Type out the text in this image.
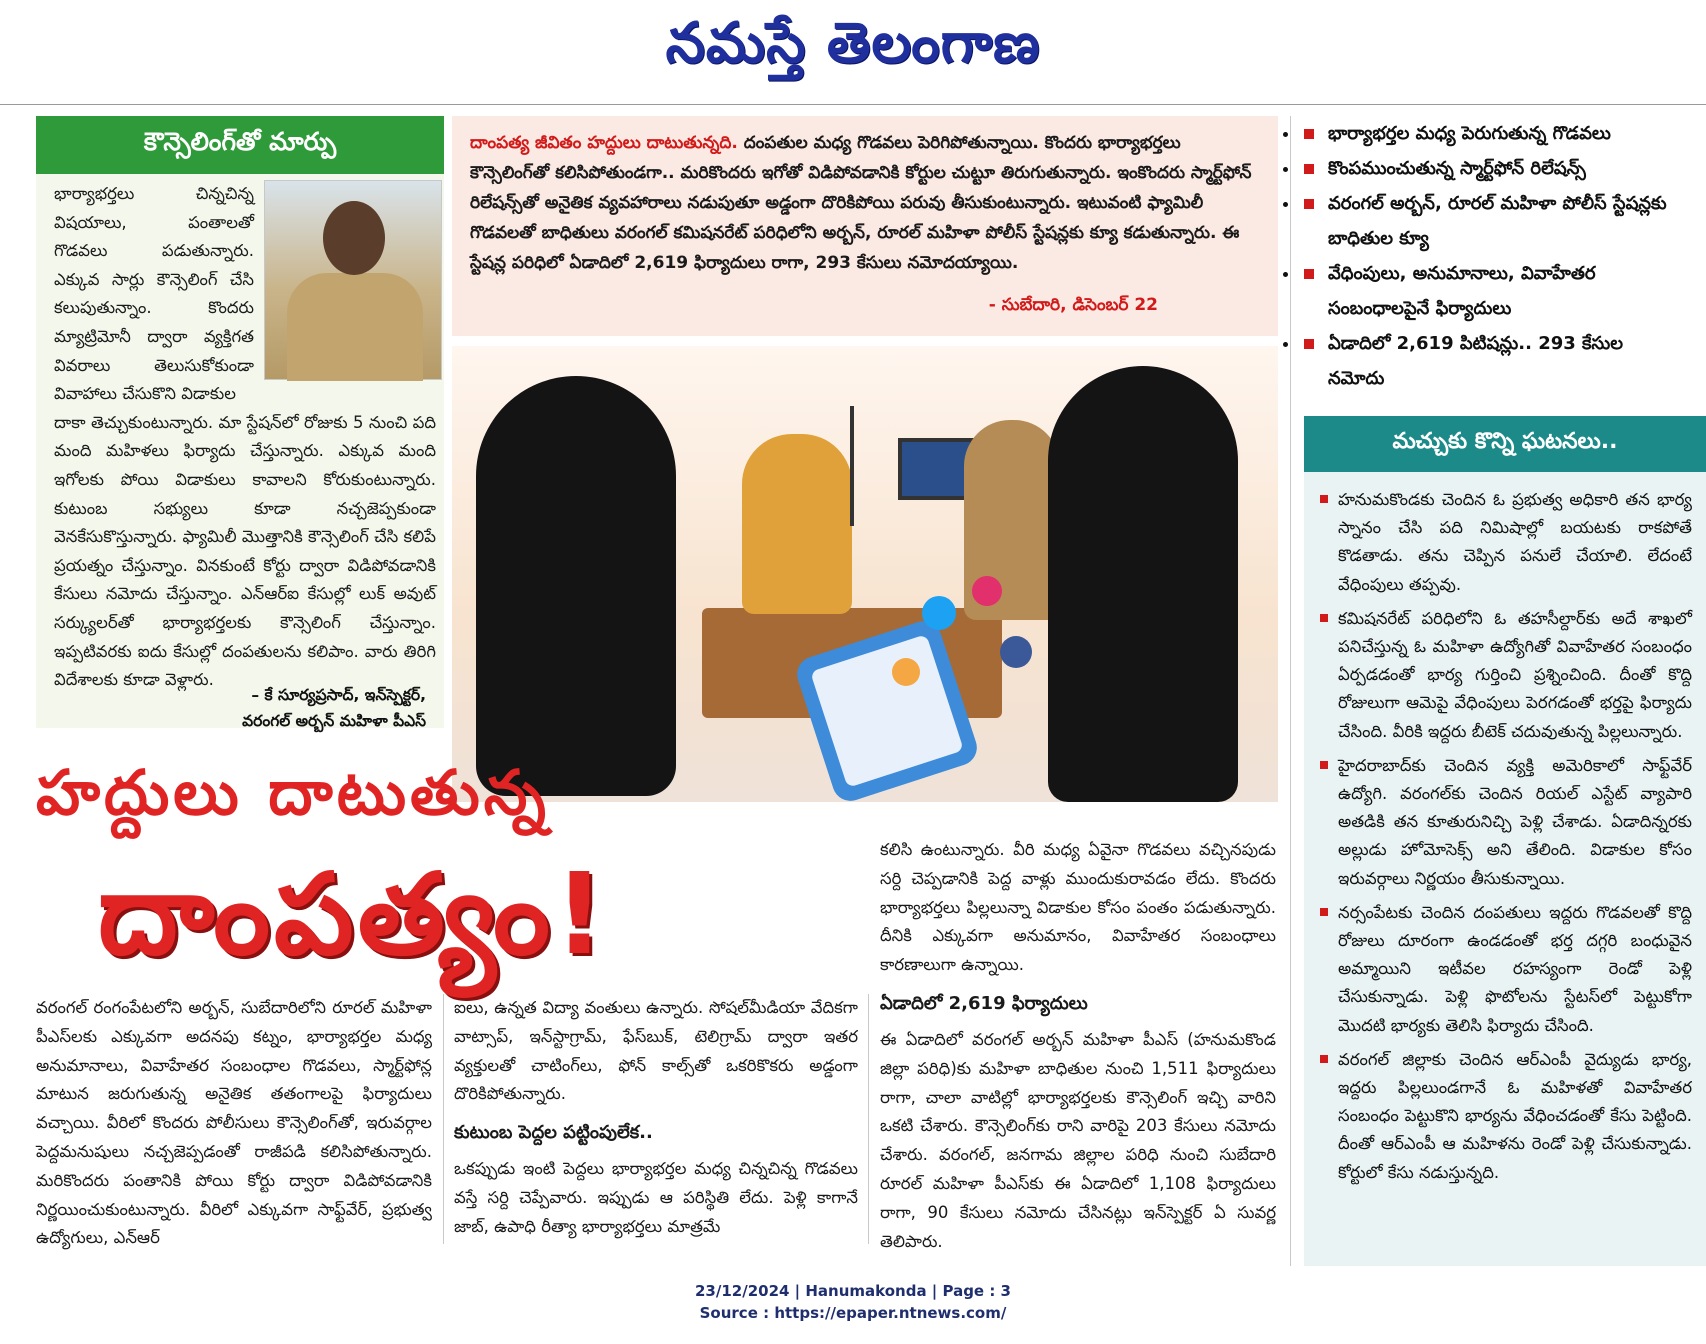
నమస్తే తెలంగాణ
కౌన్సెలింగ్‌తో మార్పు
భార్యాభర్తలు చిన్నచిన్న విషయాలు, పంతాలతో గొడవలు పడుతున్నారు. ఎక్కువ సార్లు కౌన్సెలింగ్ చేసి కలుపుతున్నాం. కొందరు మ్యాట్రిమోనీ ద్వారా వ్యక్తిగత వివరాలు తెలుసుకోకుండా వివాహాలు చేసుకొని విడాకుల
దాకా తెచ్చుకుంటున్నారు. మా స్టేషన్‌లో రోజుకు 5 నుంచి పది మంది మహిళలు ఫిర్యాదు చేస్తున్నారు. ఎక్కువ మంది ఇగోలకు పోయి విడాకులు కావాలని కోరుకుంటున్నారు. కుటుంబ సభ్యులు కూడా నచ్చజెప్పకుండా వెనకేసుకొస్తున్నారు. ఫ్యామిలీ మొత్తానికి కౌన్సెలింగ్ చేసి కలిపే ప్రయత్నం చేస్తున్నాం. వినకుంటే కోర్టు ద్వారా విడిపోవడానికి కేసులు నమోదు చేస్తున్నాం. ఎన్ఆర్ఐ కేసుల్లో లుక్ అవుట్ సర్క్యులర్‌తో భార్యాభర్తలకు కౌన్సెలింగ్ చేస్తున్నాం. ఇప్పటివరకు ఐదు కేసుల్లో దంపతులను కలిపాం. వారు తిరిగి విదేశాలకు కూడా వెళ్లారు.
– కే సూర్యప్రసాద్, ఇన్‌స్పెక్టర్,
వరంగల్ అర్బన్ మహిళా పీఎస్
దాంపత్య జీవితం హద్దులు దాటుతున్నది. దంపతుల మధ్య గొడవలు పెరిగిపోతున్నాయి. కొందరు భార్యాభర్తలు కౌన్సెలింగ్‌తో కలిసిపోతుండగా.. మరికొందరు ఇగోతో విడిపోవడానికి కోర్టుల చుట్టూ తిరుగుతున్నారు. ఇంకొందరు స్మార్ట్‌ఫోన్ రిలేషన్స్‌తో అనైతిక వ్యవహారాలు నడుపుతూ అడ్డంగా దొరికిపోయి పరువు తీసుకుంటున్నారు. ఇటువంటి ఫ్యామిలీ గొడవలతో బాధితులు వరంగల్ కమిషనరేట్ పరిధిలోని అర్బన్, రూరల్ మహిళా పోలీస్ స్టేషన్లకు క్యూ కడుతున్నారు. ఈ స్టేషన్ల పరిధిలో ఏడాదిలో 2,619 ఫిర్యాదులు రాగా, 293 కేసులు నమోదయ్యాయి.
- సుబేదారి, డిసెంబర్ 22
హద్దులు దాటుతున్న
దాంపత్యం!
వరంగల్ రంగంపేటలోని అర్బన్, సుబేదారిలోని రూరల్ మహిళా పీఎస్‌లకు ఎక్కువగా అదనపు కట్నం, భార్యాభర్తల మధ్య అనుమానాలు, వివాహేతర సంబంధాల గొడవలు, స్మార్ట్‌ఫోన్ల మాటున జరుగుతున్న అనైతిక తతంగాలపై ఫిర్యాదులు వచ్చాయి. వీరిలో కొందరు పోలీసులు కౌన్సెలింగ్‌తో, ఇరువర్గాల పెద్దమనుషులు నచ్చజెప్పడంతో రాజీపడి కలిసిపోతున్నారు. మరికొందరు పంతానికి పోయి కోర్టు ద్వారా విడిపోవడానికి నిర్ణయించుకుంటున్నారు. వీరిలో ఎక్కువగా సాఫ్ట్‌వేర్, ప్రభుత్వ ఉద్యోగులు, ఎన్ఆర్

ఐలు, ఉన్నత విద్యా వంతులు ఉన్నారు. సోషల్‌మీడియా వేదికగా వాట్సాప్, ఇన్‌స్టాగ్రామ్, ఫేస్‌బుక్, టెలిగ్రామ్ ద్వారా ఇతర వ్యక్తులతో చాటింగ్‌లు, ఫోన్ కాల్స్‌తో ఒకరికొకరు అడ్డంగా దొరికిపోతున్నారు.

కుటుంబ పెద్దల పట్టింపులేక..

ఒకప్పుడు ఇంటి పెద్దలు భార్యాభర్తల మధ్య చిన్నచిన్న గొడవలు వస్తే సర్ది చెప్పేవారు. ఇప్పుడు ఆ పరిస్థితి లేదు. పెళ్లి కాగానే జాబ్, ఉపాధి రీత్యా భార్యాభర్తలు మాత్రమే

కలిసి ఉంటున్నారు. వీరి మధ్య ఏవైనా గొడవలు వచ్చినపుడు సర్ది చెప్పడానికి పెద్ద వాళ్లు ముందుకురావడం లేదు. కొందరు భార్యాభర్తలు పిల్లలున్నా విడాకుల కోసం పంతం పడుతున్నారు. దీనికి ఎక్కువగా అనుమానం, వివాహేతర సంబంధాలు కారణాలుగా ఉన్నాయి.

ఏడాదిలో 2,619 ఫిర్యాదులు

ఈ ఏడాదిలో వరంగల్ అర్బన్ మహిళా పీఎస్ (హనుమకొండ జిల్లా పరిధి)కు మహిళా బాధితుల నుంచి 1,511 ఫిర్యాదులు రాగా, చాలా వాటిల్లో భార్యాభర్తలకు కౌన్సెలింగ్ ఇచ్చి వారిని ఒకటి చేశారు. కౌన్సెలింగ్‌కు రాని వారిపై 203 కేసులు నమోదు చేశారు. వరంగల్, జనగామ జిల్లాల పరిధి నుంచి సుబేదారి రూరల్ మహిళా పీఎస్‌కు ఈ ఏడాదిలో 1,108 ఫిర్యాదులు రాగా, 90 కేసులు నమోదు చేసినట్లు ఇన్‌స్పెక్టర్ ఏ సువర్ణ తెలిపారు.

• భార్యాభర్తల మధ్య పెరుగుతున్న గొడవలు
• కొంపముంచుతున్న స్మార్ట్‌ఫోన్ రిలేషన్స్
• వరంగల్ అర్బన్, రూరల్ మహిళా పోలీస్ స్టేషన్లకు బాధితుల క్యూ
• వేధింపులు, అనుమానాలు, వివాహేతర సంబంధాలపైనే ఫిర్యాదులు
• ఏడాదిలో 2,619 పిటిషన్లు.. 293 కేసుల నమోదు
మచ్చుకు కొన్ని ఘటనలు..
హనుమకొండకు చెందిన ఓ ప్రభుత్వ అధికారి తన భార్య స్నానం చేసి పది నిమిషాల్లో బయటకు రాకపోతే కొడతాడు. తను చెప్పిన పనులే చేయాలి. లేదంటే వేధింపులు తప్పవు.
కమిషనరేట్ పరిధిలోని ఓ తహసీల్దార్‌కు అదే శాఖలో పనిచేస్తున్న ఓ మహిళా ఉద్యోగితో వివాహేతర సంబంధం ఏర్పడడంతో భార్య గుర్తించి ప్రశ్నించింది. దీంతో కొద్ది రోజులుగా ఆమెపై వేధింపులు పెరగడంతో భర్తపై ఫిర్యాదు చేసింది. వీరికి ఇద్దరు బీటెక్ చదువుతున్న పిల్లలున్నారు.
హైదరాబాద్‌కు చెందిన వ్యక్తి అమెరికాలో సాఫ్ట్‌వేర్ ఉద్యోగి. వరంగల్‌కు చెందిన రియల్ ఎస్టేట్ వ్యాపారి అతడికి తన కూతురునిచ్చి పెళ్లి చేశాడు. ఏడాదిన్నరకు అల్లుడు హోమోసెక్స్ అని తేలింది. విడాకుల కోసం ఇరువర్గాలు నిర్ణయం తీసుకున్నాయి.
నర్సంపేటకు చెందిన దంపతులు ఇద్దరు గొడవలతో కొద్ది రోజులు దూరంగా ఉండడంతో భర్త దగ్గరి బంధువైన అమ్మాయిని ఇటీవల రహస్యంగా రెండో పెళ్లి చేసుకున్నాడు. పెళ్లి ఫొటోలను స్టేటస్‌లో పెట్టుకోగా మొదటి భార్యకు తెలిసి ఫిర్యాదు చేసింది.
వరంగల్ జిల్లాకు చెందిన ఆర్ఎంపీ వైద్యుడు భార్య, ఇద్దరు పిల్లలుండగానే ఓ మహిళతో వివాహేతర సంబంధం పెట్టుకొని భార్యను వేధించడంతో కేసు పెట్టింది. దీంతో ఆర్ఎంపీ ఆ మహిళను రెండో పెళ్లి చేసుకున్నాడు. కోర్టులో కేసు నడుస్తున్నది.
23/12/2024 | Hanumakonda | Page : 3
Source : https://epaper.ntnews.com/
